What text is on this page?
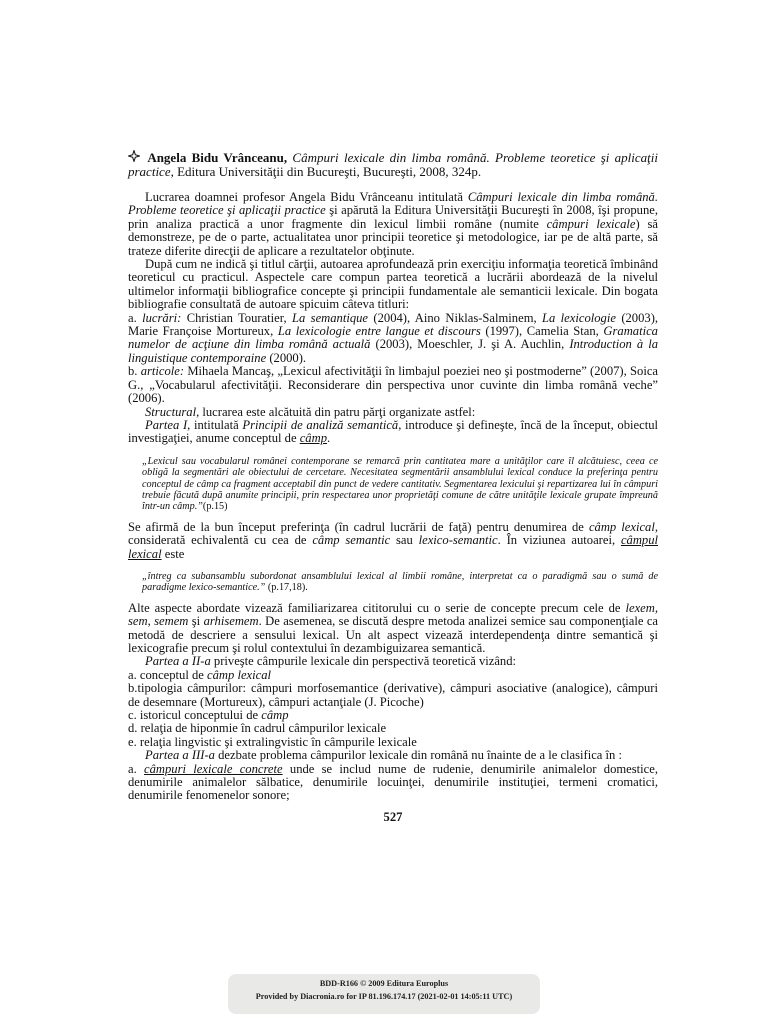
Angela Bidu Vrânceanu, Câmpuri lexicale din limba română. Probleme teoretice şi aplicaţii practice, Editura Universităţii din Bucureşti, Bucureşti, 2008, 324p.

Lucrarea doamnei profesor Angela Bidu Vrânceanu intitulată Câmpuri lexicale din limba română. Probleme teoretice şi aplicaţii practice şi apărută la Editura Universităţii Bucureşti în 2008, îşi propune, prin analiza practică a unor fragmente din lexicul limbii române (numite câmpuri lexicale) să demonstreze, pe de o parte, actualitatea unor principii teoretice şi metodologice, iar pe de altă parte, să trateze diferite direcţii de aplicare a rezultatelor obţinute.

După cum ne indică şi titlul cărţii, autoarea aprofundează prin exerciţiu informaţia teoretică îmbinând teoreticul cu practicul. Aspectele care compun partea teoretică a lucrării abordează de la nivelul ultimelor informaţii bibliografice concepte şi principii fundamentale ale semanticii lexicale. Din bogata bibliografie consultată de autoare spicuim câteva titluri:

a. lucrări: Christian Touratier, La semantique (2004), Aino Niklas-Salminem, La lexicologie (2003), Marie Françoise Mortureux, La lexicologie entre langue et discours (1997), Camelia Stan, Gramatica numelor de acţiune din limba română actuală (2003), Moeschler, J. şi A. Auchlin, Introduction à la linguistique contemporaine (2000).

b. articole: Mihaela Mancaş, „Lexicul afectivităţii în limbajul poeziei neo şi postmoderne” (2007), Soica G., „Vocabularul afectivităţii. Reconsiderare din perspectiva unor cuvinte din limba română veche” (2006).

Structural, lucrarea este alcătuită din patru părţi organizate astfel:

Partea I, intitulată Principii de analiză semantică, introduce şi defineşte, încă de la început, obiectul investigaţiei, anume conceptul de câmp.

„Lexicul sau vocabularul românei contemporane se remarcă prin cantitatea mare a unităţilor care îl alcătuiesc, ceea ce obligă la segmentări ale obiectului de cercetare. Necesitatea segmentării ansamblului lexical conduce la preferinţa pentru conceptul de câmp ca fragment acceptabil din punct de vedere cantitativ. Segmentarea lexicului şi repartizarea lui în câmpuri trebuie făcută după anumite principii, prin respectarea unor proprietăţi comune de către unităţile lexicale grupate împreună într-un câmp.”(p.15)

Se afirmă de la bun început preferinţa (în cadrul lucrării de faţă) pentru denumirea de câmp lexical, considerată echivalentă cu cea de câmp semantic sau lexico-semantic. În viziunea autoarei, câmpul lexical este

„întreg ca subansamblu subordonat ansamblului lexical al limbii române, interpretat ca o paradigmă sau o sumă de paradigme lexico-semantice.” (p.17,18).

Alte aspecte abordate vizează familiarizarea cititorului cu o serie de concepte precum cele de lexem, sem, semem şi arhisemem. De asemenea, se discută despre metoda analizei semice sau componenţiale ca metodă de descriere a sensului lexical. Un alt aspect vizează interdependenţa dintre semantică şi lexicografie precum şi rolul contextului în dezambiguizarea semantică.

Partea a II-a priveşte câmpurile lexicale din perspectivă teoretică vizând:

a. conceptul de câmp lexical

b.tipologia câmpurilor: câmpuri morfosemantice (derivative), câmpuri asociative (analogice), câmpuri de desemnare (Mortureux), câmpuri actanţiale (J. Picoche)

c. istoricul conceptului de câmp

d. relaţia de hiponmie în cadrul câmpurilor lexicale

e. relaţia lingvistic şi extralingvistic în câmpurile lexicale

Partea a III-a dezbate problema câmpurilor lexicale din română nu înainte de a le clasifica în :

a. câmpuri lexicale concrete unde se includ nume de rudenie, denumirile animalelor domestice, denumirile animalelor sălbatice, denumirile locuinţei, denumirile instituţiei, termeni cromatici, denumirile fenomenelor sonore;

527
BDD-R166 © 2009 Editura Europlus
Provided by Diacronia.ro for IP 81.196.174.17 (2021-02-01 14:05:11 UTC)
